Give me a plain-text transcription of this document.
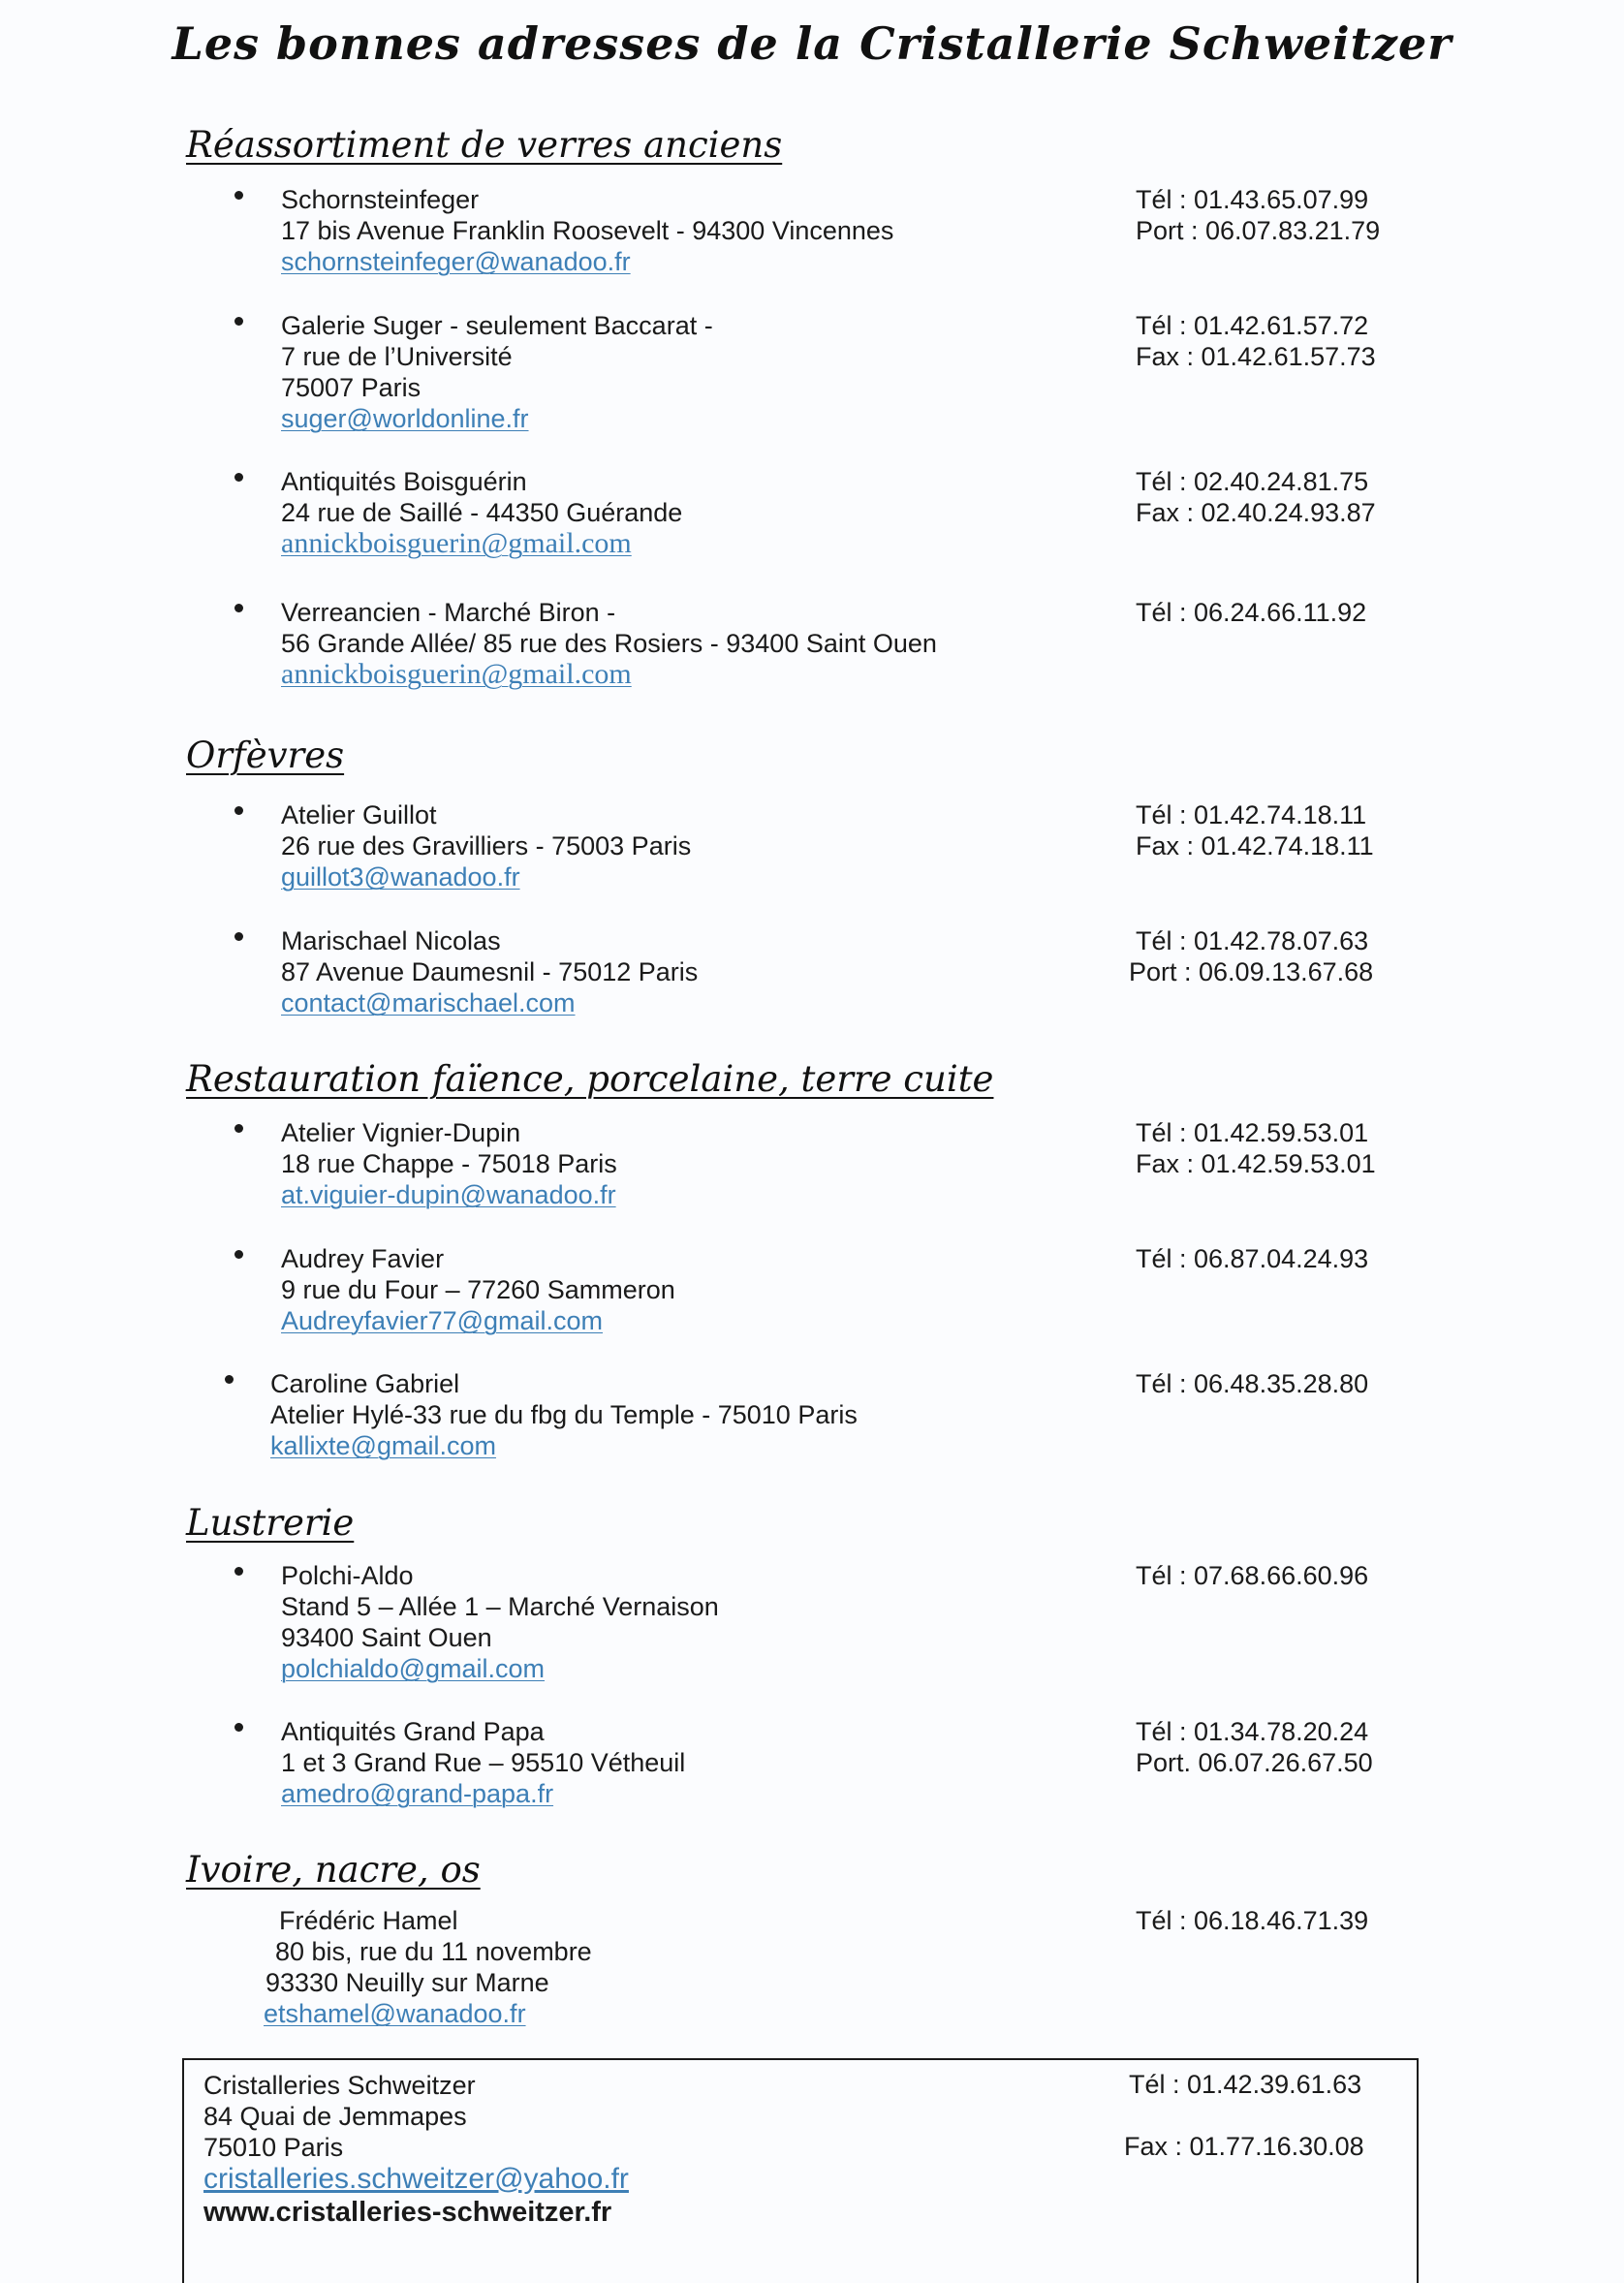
Les bonnes adresses de la Cristallerie Schweitzer
Réassortiment de verres anciens
Schornsteinfeger
17 bis Avenue Franklin Roosevelt - 94300 Vincennes
schornsteinfeger@wanadoo.fr
Tél : 01.43.65.07.99
Port : 06.07.83.21.79
Galerie Suger - seulement Baccarat -
7 rue de l’Université
75007 Paris
suger@worldonline.fr
Tél : 01.42.61.57.72
Fax : 01.42.61.57.73
Antiquités Boisguérin
24 rue de Saillé - 44350 Guérande
annickboisguerin@gmail.com
Tél : 02.40.24.81.75
Fax : 02.40.24.93.87
Verreancien - Marché Biron -
56 Grande Allée/ 85 rue des Rosiers - 93400 Saint Ouen
annickboisguerin@gmail.com
Tél : 06.24.66.11.92
Orfèvres
Atelier Guillot
26 rue des Gravilliers - 75003 Paris
guillot3@wanadoo.fr
Tél : 01.42.74.18.11
Fax : 01.42.74.18.11
Marischael Nicolas
87 Avenue Daumesnil - 75012 Paris
contact@marischael.com
Tél : 01.42.78.07.63
Port : 06.09.13.67.68
Restauration faïence, porcelaine, terre cuite
Atelier Vignier-Dupin
18 rue Chappe - 75018 Paris
at.viguier-dupin@wanadoo.fr
Tél : 01.42.59.53.01
Fax : 01.42.59.53.01
Audrey Favier
9 rue du Four – 77260 Sammeron
Audreyfavier77@gmail.com
Tél : 06.87.04.24.93
Caroline Gabriel
Atelier Hylé-33 rue du fbg du Temple - 75010 Paris
kallixte@gmail.com
Tél : 06.48.35.28.80
Lustrerie
Polchi-Aldo
Stand 5 – Allée 1 – Marché Vernaison
93400 Saint Ouen
polchialdo@gmail.com
Tél : 07.68.66.60.96
Antiquités Grand Papa
1 et 3 Grand Rue – 95510 Vétheuil
amedro@grand-papa.fr
Tél : 01.34.78.20.24
Port. 06.07.26.67.50
Ivoire, nacre, os
Frédéric Hamel
80 bis, rue du 11 novembre
93330 Neuilly sur Marne
etshamel@wanadoo.fr
Tél : 06.18.46.71.39
Cristalleries Schweitzer
84 Quai de Jemmapes
75010 Paris
cristalleries.schweitzer@yahoo.fr
www.cristalleries-schweitzer.fr
Tél : 01.42.39.61.63
Fax : 01.77.16.30.08
